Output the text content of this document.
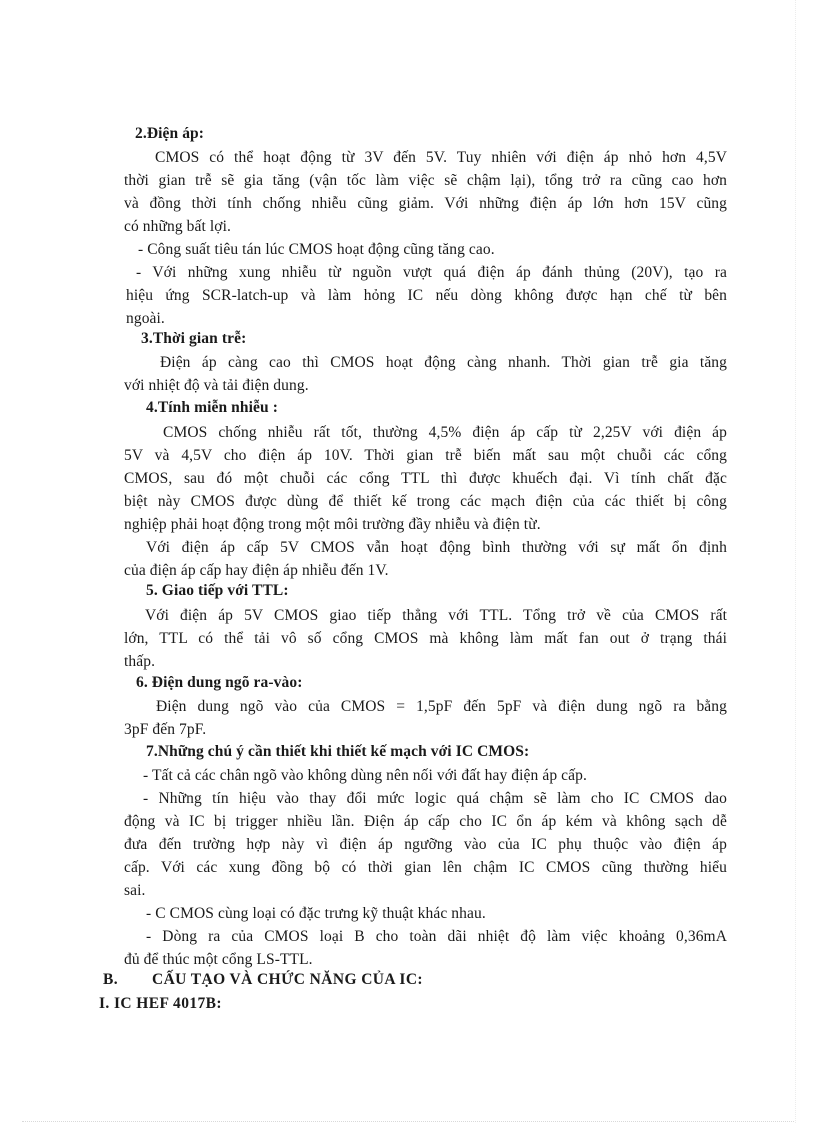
2.Điện áp:
CMOS có thể hoạt động từ 3V đến 5V. Tuy nhiên với điện áp nhỏ hơn 4,5V
thời gian trễ sẽ gia tăng (vận tốc làm việc sẽ chậm lại), tổng trở ra cũng cao hơn
và đồng thời tính chống nhiễu cũng giảm. Với những điện áp lớn hơn 15V cũng
có những bất lợi.
- Công suất tiêu tán lúc CMOS hoạt động cũng tăng cao.
- Với những xung nhiễu từ nguồn vượt quá điện áp đánh thủng (20V), tạo ra
hiệu ứng SCR-latch-up và làm hỏng IC nếu dòng không được hạn chế từ bên
ngoài.
3.Thời gian trễ:
Điện áp càng cao thì CMOS hoạt động càng nhanh. Thời gian trễ gia tăng
với nhiệt độ và tải điện dung.
4.Tính miễn nhiễu :
CMOS chống nhiễu rất tốt, thường 4,5% điện áp cấp từ 2,25V với điện áp
5V và 4,5V cho điện áp 10V. Thời gian trễ biến mất sau một chuỗi các cổng
CMOS, sau đó một chuỗi các cổng TTL thì được khuếch đại. Vì tính chất đặc
biệt này CMOS được dùng để thiết kế trong các mạch điện của các thiết bị công
nghiệp phải hoạt động trong một môi trường đầy nhiễu và điện từ.
Với điện áp cấp 5V CMOS vẫn hoạt động bình thường với sự mất ổn định
của điện áp cấp hay điện áp nhiễu đến 1V.
5. Giao tiếp với TTL:
Với điện áp 5V CMOS giao tiếp thẳng với TTL. Tổng trở về của CMOS rất
lớn, TTL có thể tải vô số cổng CMOS mà không làm mất fan out ở trạng thái
thấp.
6. Điện dung ngõ ra-vào:
Điện dung ngõ vào của CMOS = 1,5pF đến 5pF và điện dung ngõ ra bằng
3pF đến 7pF.
7.Những chú ý cần thiết khi thiết kế mạch với IC CMOS:
- Tất cả các chân ngõ vào không dùng nên nối với đất hay điện áp cấp.
- Những tín hiệu vào thay đổi mức logic quá chậm sẽ làm cho IC CMOS dao
động và IC bị trigger nhiều lần. Điện áp cấp cho IC ổn áp kém và không sạch dễ
đưa đến trường hợp này vì điện áp ngưỡng vào của IC phụ thuộc vào điện áp
cấp. Với các xung đồng bộ có thời gian lên chậm IC CMOS cũng thường hiểu
sai.
- C CMOS cùng loại có đặc trưng kỹ thuật khác nhau.
- Dòng ra của CMOS loại B cho toàn dãi nhiệt độ làm việc khoảng 0,36mA
đủ để thúc một cổng LS-TTL.
B. CẤU TẠO VÀ CHỨC NĂNG CỦA IC:
I. IC HEF 4017B:
